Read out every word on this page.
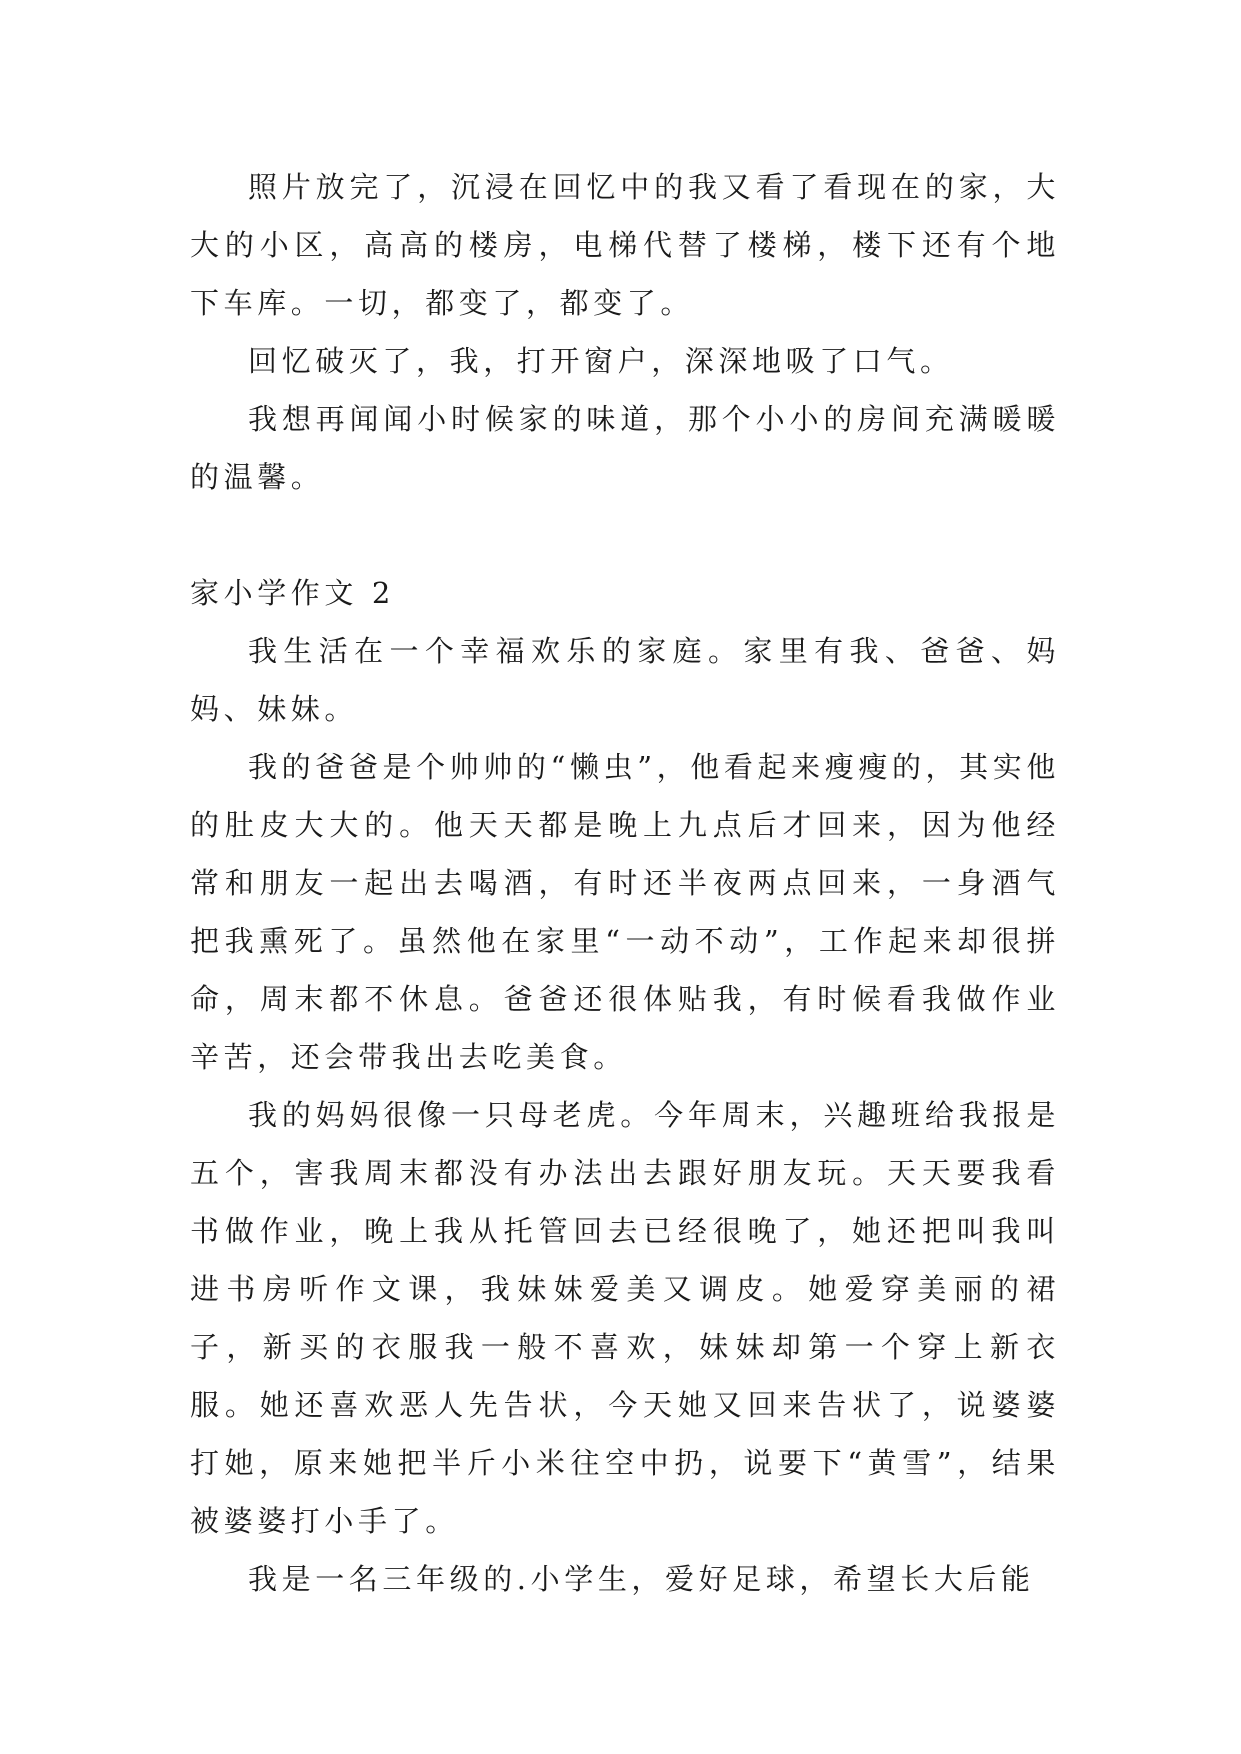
照片放完了，沉浸在回忆中的我又看了看现在的家，大大的小区，高高的楼房，电梯代替了楼梯，楼下还有个地下车库。一切，都变了，都变了。

回忆破灭了，我，打开窗户，深深地吸了口气。

我想再闻闻小时候家的味道，那个小小的房间充满暖暖的温馨。

家小学作文 2

我生活在一个幸福欢乐的家庭。家里有我、爸爸、妈妈、妹妹。

我的爸爸是个帅帅的“懒虫”，他看起来瘦瘦的，其实他的肚皮大大的。他天天都是晚上九点后才回来，因为他经常和朋友一起出去喝酒，有时还半夜两点回来，一身酒气把我熏死了。虽然他在家里“一动不动”，工作起来却很拼命，周末都不休息。爸爸还很体贴我，有时候看我做作业辛苦，还会带我出去吃美食。

我的妈妈很像一只母老虎。今年周末，兴趣班给我报是五个，害我周末都没有办法出去跟好朋友玩。天天要我看书做作业，晚上我从托管回去已经很晚了，她还把叫我叫进书房听作文课，我妹妹爱美又调皮。她爱穿美丽的裙子，新买的衣服我一般不喜欢，妹妹却第一个穿上新衣服。她还喜欢恶人先告状，今天她又回来告状了，说婆婆打她，原来她把半斤小米往空中扔，说要下“黄雪”，结果被婆婆打小手了。

我是一名三年级的.小学生，爱好足球，希望长大后能
